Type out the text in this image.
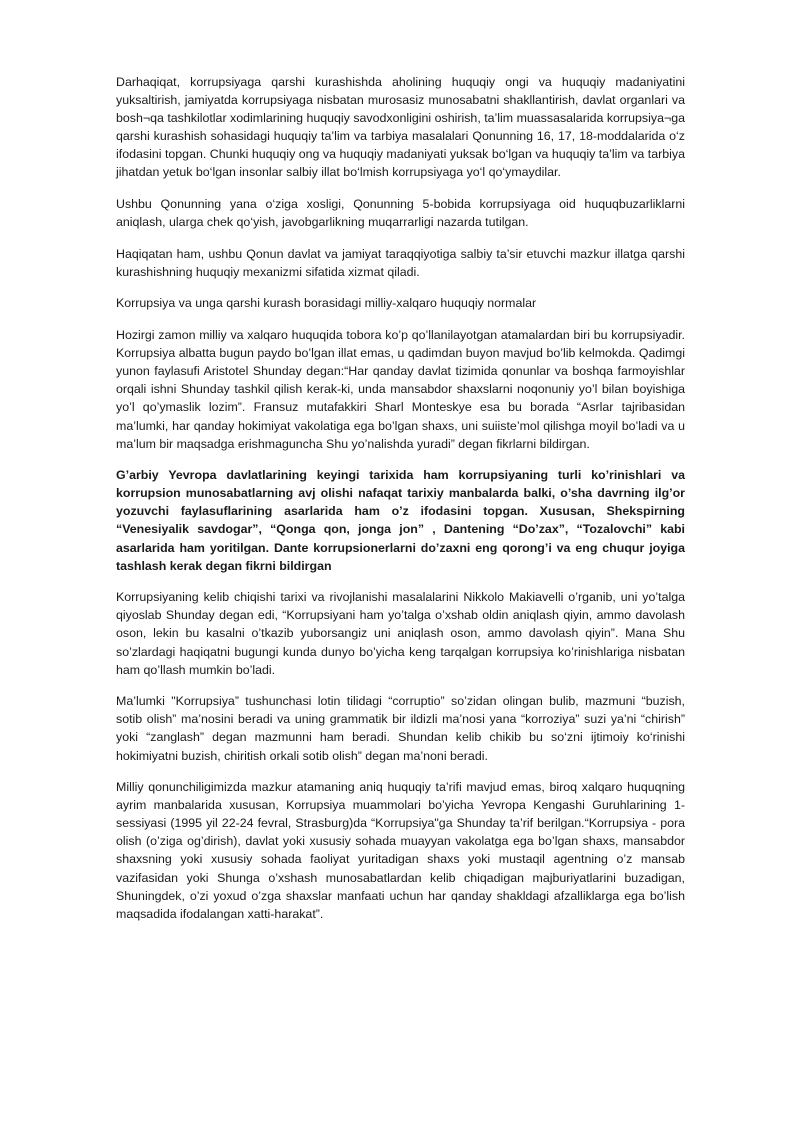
Darhaqiqat, korrupsiyaga qarshi kurashishda aholining huquqiy ongi va huquqiy madaniyatini yuksaltirish, jamiyatda korrupsiyaga nisbatan murosasiz munosabatni shakllantirish, davlat organlari va bosh¬qa tashkilotlar xodimlarining huquqiy savodxonligini oshirish, ta’lim muassasalarida korrupsiya¬ga qarshi kurashish sohasidagi huquqiy ta’lim va tarbiya masalalari Qonunning 16, 17, 18-moddalarida o‘z ifodasini topgan. Chunki huquqiy ong va huquqiy madaniyati yuksak bo‘lgan va huquqiy ta’lim va tarbiya jihatdan yetuk bo‘lgan insonlar salbiy illat bo‘lmish korrupsiyaga yo‘l qo‘ymaydilar.

Ushbu Qonunning yana o‘ziga xosligi, Qonunning 5-bobida korrupsiyaga oid huquqbuzarliklarni aniqlash, ularga chek qo‘yish, javobgarlikning muqarrarligi nazarda tutilgan.

Haqiqatan ham, ushbu Qonun davlat va jamiyat taraqqiyotiga salbiy ta’sir etuvchi mazkur illatga qarshi kurashishning huquqiy mexanizmi sifatida xizmat qiladi.

Korrupsiya va unga qarshi kurash borasidagi milliy-xalqaro huquqiy normalar

Hozirgi zamon milliy va xalqaro huquqida tobora ko’p qo’llanilayotgan atamalardan biri bu korrupsiyadir. Korrupsiya albatta bugun paydo bo’lgan illat emas, u qadimdan buyon mavjud bo’lib kelmokda. Qadimgi yunon faylasufi Aristotel Shunday degan:“Har qanday davlat tizimida qonunlar va boshqa farmoyishlar orqali ishni Shunday tashkil qilish kerak-ki, unda mansabdor shaxslarni noqonuniy yo’l bilan boyishiga yo’l qo’ymaslik lozim”. Fransuz mutafakkiri Sharl Monteskye esa bu borada “Asrlar tajribasidan ma’lumki, har qanday hokimiyat vakolatiga ega bo’lgan shaxs, uni suiiste’mol qilishga moyil bo’ladi va u ma’lum bir maqsadga erishmaguncha Shu yo’nalishda yuradi” degan fikrlarni bildirgan.

G’arbiy Yevropa davlatlarining keyingi tarixida ham korrupsiyaning turli ko’rinishlari va korrupsion munosabatlarning avj olishi nafaqat tarixiy manbalarda balki, o’sha davrning ilg’or yozuvchi faylasuflarining asarlarida ham o’z ifodasini topgan. Xususan, Shekspirning “Venesiyalik savdogar”, “Qonga qon, jonga jon” , Dantening “Do’zax”, “Tozalovchi” kabi asarlarida ham yoritilgan. Dante korrupsionerlarni do’zaxni eng qorong’i va eng chuqur joyiga tashlash kerak degan fikrni bildirgan

Korrupsiyaning kelib chiqishi tarixi va rivojlanishi masalalarini Nikkolo Makiavelli o’rganib, uni yo’talga qiyoslab Shunday degan edi, “Korrupsiyani ham yo’talga o’xshab oldin aniqlash qiyin, ammo davolash oson, lekin bu kasalni o’tkazib yuborsangiz uni aniqlash oson, ammo davolash qiyin”. Mana Shu so’zlardagi haqiqatni bugungi kunda dunyo bo’yicha keng tarqalgan korrupsiya ko’rinishlariga nisbatan ham qo’llash mumkin bo’ladi.

Ma’lumki "Korrupsiya” tushunchasi lotin tilidagi “corruptio” so’zidan olingan bulib, mazmuni “buzish, sotib olish” ma’nosini beradi va uning grammatik bir ildizli ma’nosi yana “korroziya” suzi ya’ni “chirish” yoki “zanglash” degan mazmunni ham beradi. Shundan kelib chikib bu so‘zni ijtimoiy ko‘rinishi hokimiyatni buzish, chiritish orkali sotib olish” degan ma’noni beradi.

Milliy qonunchiligimizda mazkur atamaning aniq huquqiy ta’rifi mavjud emas, biroq xalqaro huquqning ayrim manbalarida xususan, Korrupsiya muammolari bo’yicha Yevropa Kengashi Guruhlarining 1-sessiyasi (1995 yil 22-24 fevral, Strasburg)da “Korrupsiya"ga Shunday ta’rif berilgan.“Korrupsiya - pora olish (o’ziga og’dirish), davlat yoki xususiy sohada muayyan vakolatga ega bo’lgan shaxs, mansabdor shaxsning yoki xususiy sohada faoliyat yuritadigan shaxs yoki mustaqil agentning o’z mansab vazifasidan yoki Shunga o’xshash munosabatlardan kelib chiqadigan majburiyatlarini buzadigan, Shuningdek, o’zi yoxud o’zga shaxslar manfaati uchun har qanday shakldagi afzalliklarga ega bo’lish maqsadida ifodalangan xatti-harakat”.
